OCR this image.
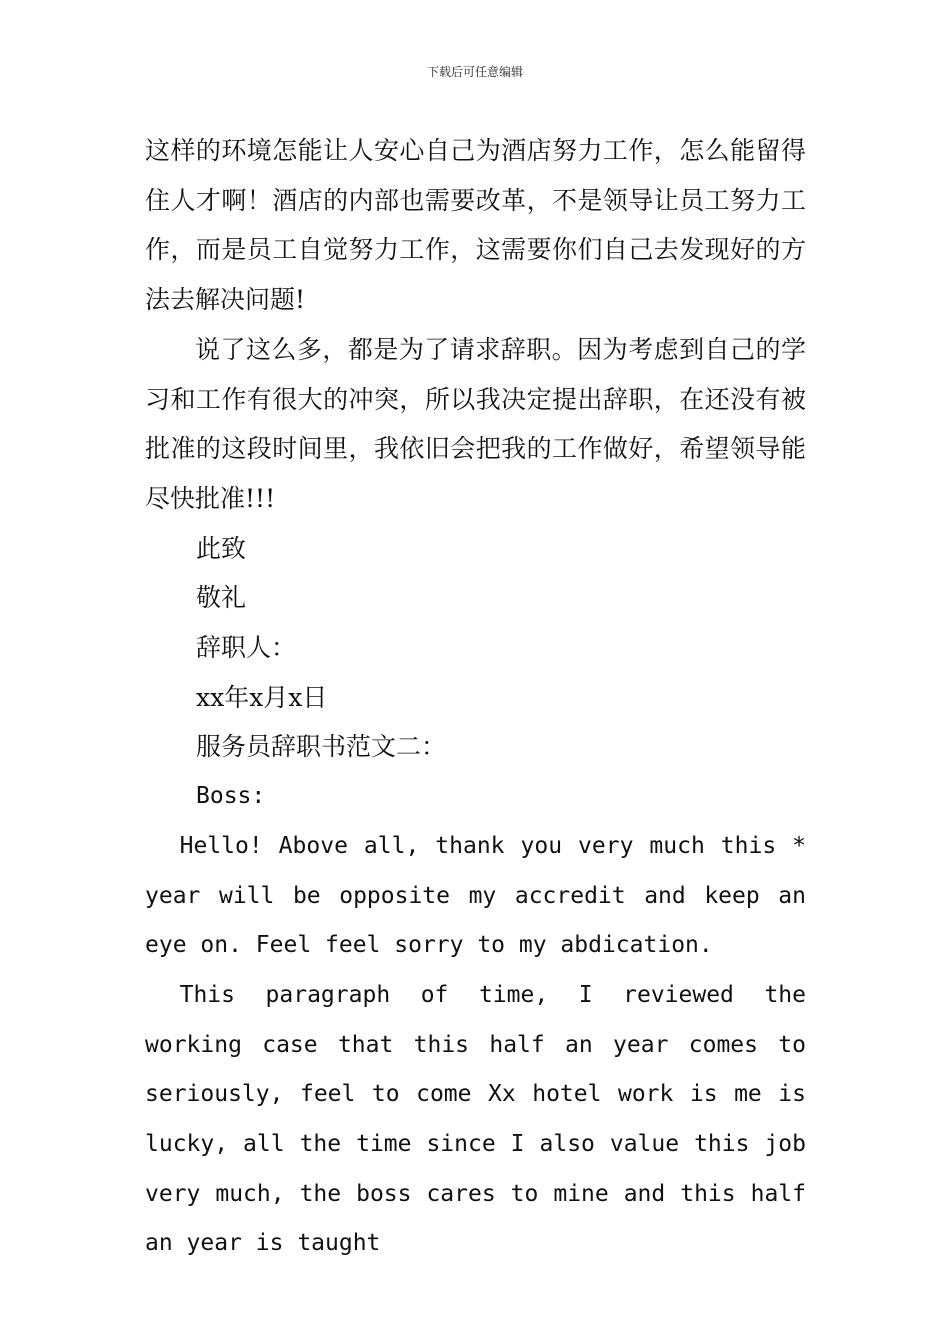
下载后可任意编辑

这样的环境怎能让人安心自己为酒店努力工作，怎么能留得住人才啊！酒店的内部也需要改革，不是领导让员工努力工作，而是员工自觉努力工作，这需要你们自己去发现好的方法去解决问题!

说了这么多，都是为了请求辞职。因为考虑到自己的学习和工作有很大的冲突，所以我决定提出辞职，在还没有被批准的这段时间里，我依旧会把我的工作做好，希望领导能尽快批准!!!

此致

敬礼

辞职人：

xx年x月x日

服务员辞职书范文二：

Boss:

Hello! Above all, thank you very much this * year will be opposite my accredit and keep an eye on. Feel feel sorry to my abdication.

This paragraph of time, I reviewed the working case that this half an year comes to seriously, feel to come Xx hotel work is me is lucky, all the time since I also value this job very much, the boss cares to mine and this half an year is taught
